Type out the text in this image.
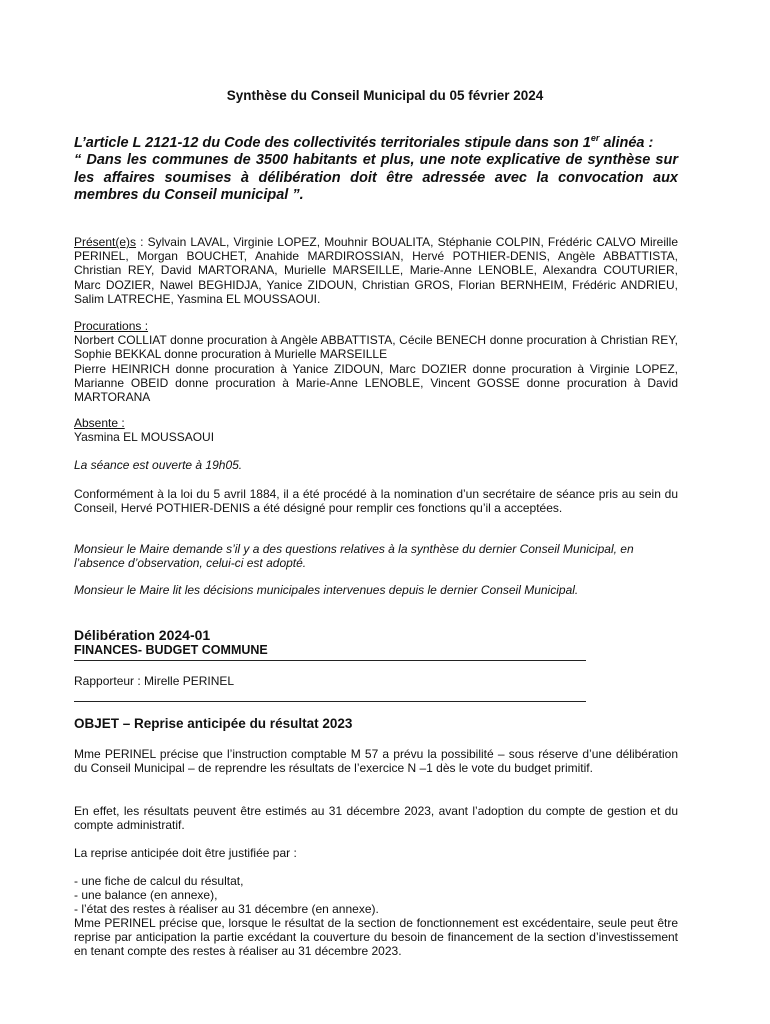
Synthèse du Conseil Municipal du 05 février 2024
L’article L 2121-12 du Code des collectivités territoriales stipule dans son 1er alinéa :
“ Dans les communes de 3500 habitants et plus, une note explicative de synthèse sur les affaires soumises à délibération doit être adressée avec la convocation aux membres du Conseil municipal ”.
Présent(e)s : Sylvain LAVAL, Virginie LOPEZ, Mouhnir BOUALITA, Stéphanie COLPIN, Frédéric CALVO Mireille PERINEL, Morgan BOUCHET, Anahide MARDIROSSIAN, Hervé POTHIER-DENIS, Angèle ABBATTISTA, Christian REY, David MARTORANA, Murielle MARSEILLE, Marie-Anne LENOBLE, Alexandra COUTURIER, Marc DOZIER, Nawel BEGHIDJA, Yanice ZIDOUN, Christian GROS, Florian BERNHEIM, Frédéric ANDRIEU, Salim LATRECHE, Yasmina EL MOUSSAOUI.

Procurations :

Norbert COLLIAT donne procuration à Angèle ABBATTISTA, Cécile BENECH donne procuration à Christian REY, Sophie BEKKAL donne procuration à Murielle MARSEILLE

Pierre HEINRICH donne procuration à Yanice ZIDOUN, Marc DOZIER donne procuration à Virginie LOPEZ, Marianne OBEID donne procuration à Marie-Anne LENOBLE, Vincent GOSSE donne procuration à David MARTORANA

Absente :

Yasmina EL MOUSSAOUI

La séance est ouverte à 19h05.

Conformément à la loi du 5 avril 1884, il a été procédé à la nomination d’un secrétaire de séance pris au sein du Conseil, Hervé POTHIER-DENIS a été désigné pour remplir ces fonctions qu’il a acceptées.

Monsieur le Maire demande s’il y a des questions relatives à la synthèse du dernier Conseil Municipal, en l’absence d’observation, celui-ci est adopté.

Monsieur le Maire lit les décisions municipales intervenues depuis le dernier Conseil Municipal.

Délibération 2024-01
FINANCES- BUDGET COMMUNE
Rapporteur : Mirelle PERINEL
OBJET – Reprise anticipée du résultat 2023

Mme PERINEL précise que l’instruction comptable M 57 a prévu la possibilité – sous réserve d’une délibération du Conseil Municipal – de reprendre les résultats de l’exercice N –1 dès le vote du budget primitif.

En effet, les résultats peuvent être estimés au 31 décembre 2023, avant l’adoption du compte de gestion et du compte administratif.

La reprise anticipée doit être justifiée par :

- une fiche de calcul du résultat,

- une balance (en annexe),

- l’état des restes à réaliser au 31 décembre (en annexe).

Mme PERINEL précise que, lorsque le résultat de la section de fonctionnement est excédentaire, seule peut être reprise par anticipation la partie excédant la couverture du besoin de financement de la section d’investissement en tenant compte des restes à réaliser au 31 décembre 2023.
